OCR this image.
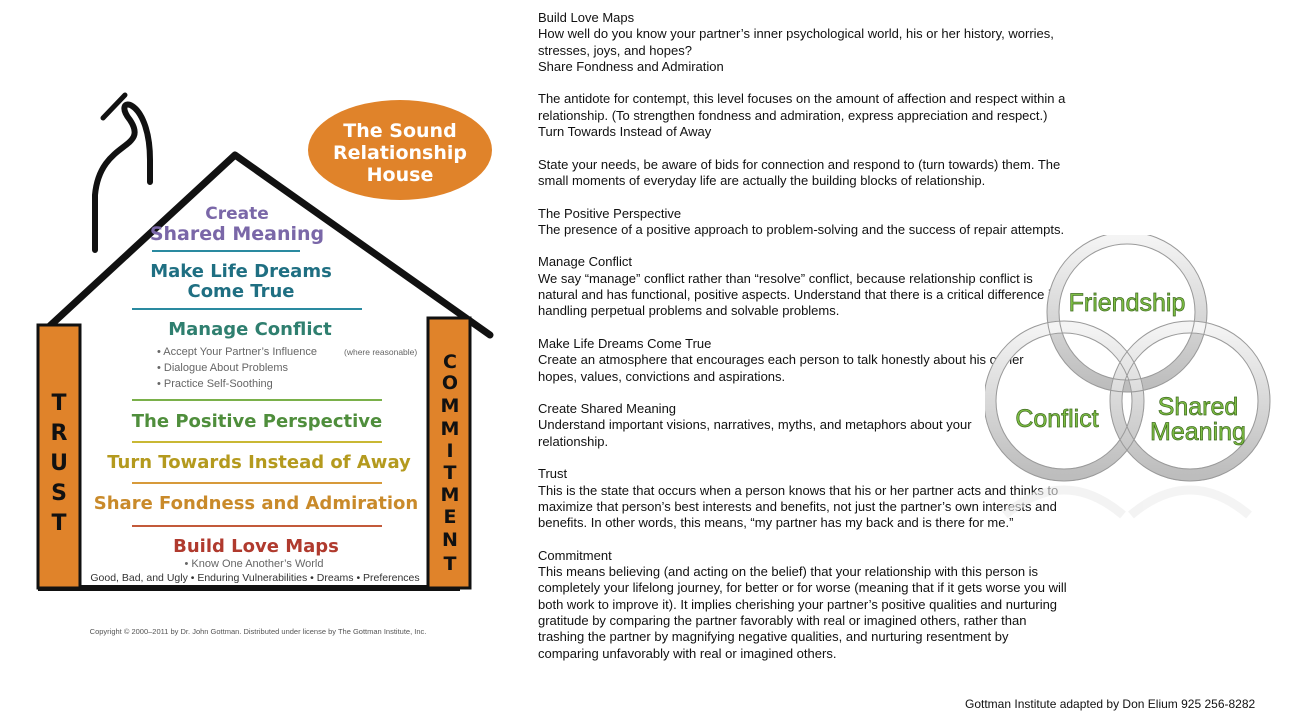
T
R
U
S
T
C
O
M
M
I
T
M
E
N
T
The Sound
Relationship
House
Create
Shared Meaning
Make Life Dreams
Come True
Manage Conflict
• Accept Your Partner’s Influence	(where reasonable)
• Dialogue About Problems
• Practice Self-Soothing
The Positive Perspective
Turn Towards Instead of Away
Share Fondness and Admiration
Build Love Maps
• Know One Another’s World
Good, Bad, and Ugly • Enduring Vulnerabilities • Dreams • Preferences
Copyright © 2000–2011 by Dr. John Gottman. Distributed under license by The Gottman Institute, Inc.

Build Love Maps

How well do you know your partner’s inner psychological world, his or her history, worries, stresses, joys, and hopes?

Share Fondness and Admiration

The antidote for contempt, this level focuses on the amount of affection and respect within a relationship. (To strengthen fondness and admiration, express appreciation and respect.)

Turn Towards Instead of Away

State your needs, be aware of bids for connection and respond to (turn towards) them. The small moments of everyday life are actually the building blocks of relationship.

The Positive Perspective

The presence of a positive approach to problem-solving and the success of repair attempts.

Manage Conflict

We say “manage” conflict rather than “resolve” conflict, because relationship conflict is natural and has functional, positive aspects. Understand that there is a critical difference in handling perpetual problems and solvable problems.

Make Life Dreams Come True

Create an atmosphere that encourages each person to talk honestly about his or her hopes, values, convictions and aspirations.

Create Shared Meaning

Understand important visions, narratives, myths, and metaphors about your relationship.

Trust

This is the state that occurs when a person knows that his or her partner acts and thinks to maximize that person’s best interests and benefits, not just the partner’s own interests and benefits. In other words, this means, “my partner has my back and is there for me.”

Commitment

This means believing (and acting on the belief) that your relationship with this person is completely your lifelong journey, for better or for worse (meaning that if it gets worse you will both work to improve it). It implies cherishing your partner’s positive qualities and nurturing gratitude by comparing the partner favorably with real or imagined others, rather than trashing the partner by magnifying negative qualities, and nurturing resentment by comparing unfavorably with real or imagined others.

Friendship
Conflict Shared
Meaning
Gottman Institute adapted by Don Elium 925 256-8282
